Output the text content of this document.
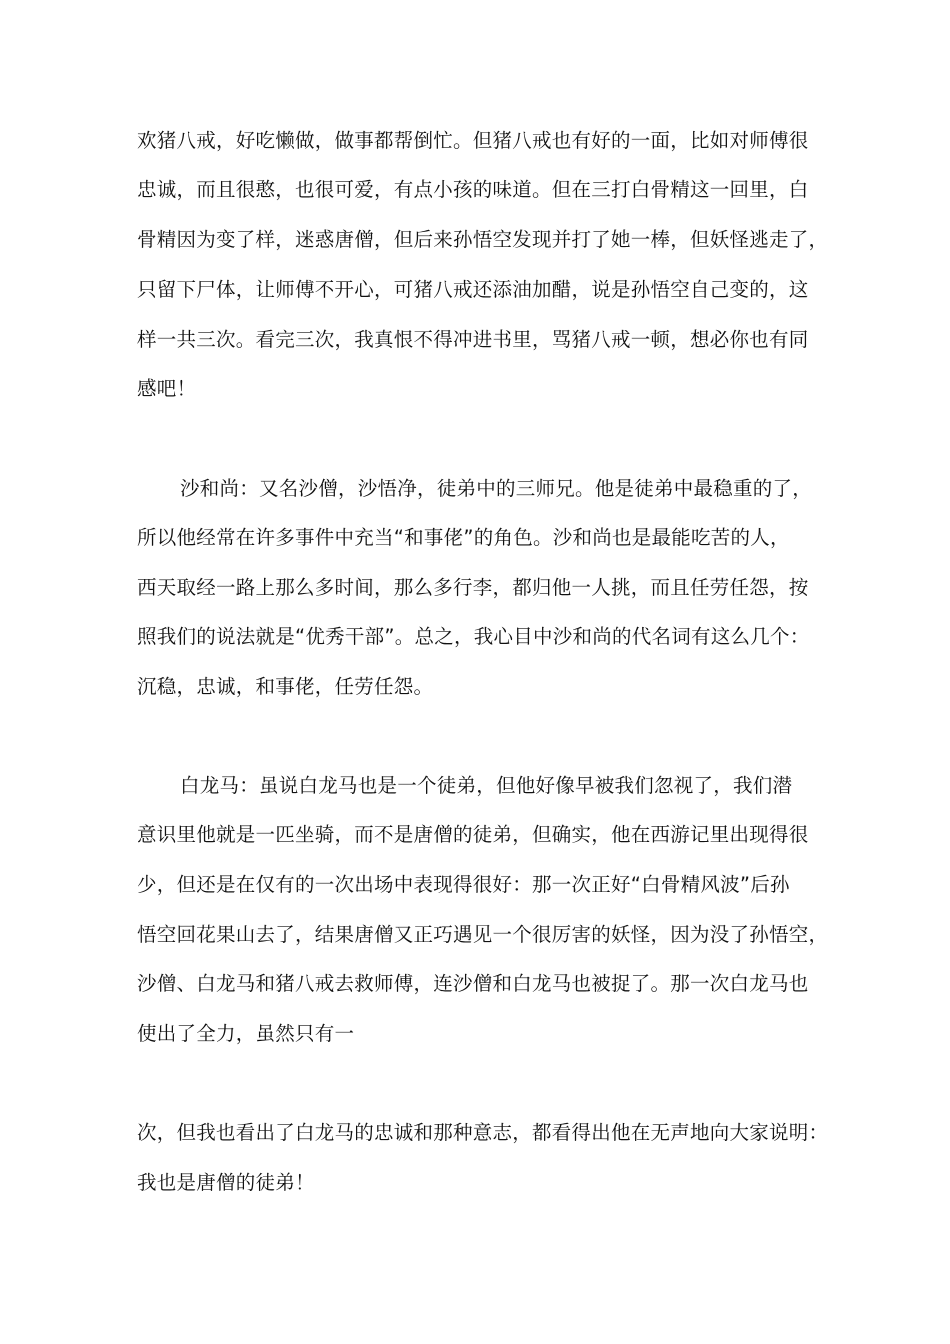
欢猪八戒，好吃懒做，做事都帮倒忙。但猪八戒也有好的一面，比如对师傅很
忠诚，而且很憨，也很可爱，有点小孩的味道。但在三打白骨精这一回里，白
骨精因为变了样，迷惑唐僧，但后来孙悟空发现并打了她一棒，但妖怪逃走了，
只留下尸体，让师傅不开心，可猪八戒还添油加醋，说是孙悟空自己变的，这
样一共三次。看完三次，我真恨不得冲进书里，骂猪八戒一顿，想必你也有同
感吧！
沙和尚：又名沙僧，沙悟净，徒弟中的三师兄。他是徒弟中最稳重的了，
所以他经常在许多事件中充当“和事佬”的角色。沙和尚也是最能吃苦的人，
西天取经一路上那么多时间，那么多行李，都归他一人挑，而且任劳任怨，按
照我们的说法就是“优秀干部”。总之，我心目中沙和尚的代名词有这么几个：
沉稳，忠诚，和事佬，任劳任怨。
白龙马：虽说白龙马也是一个徒弟，但他好像早被我们忽视了，我们潜
意识里他就是一匹坐骑，而不是唐僧的徒弟，但确实，他在西游记里出现得很
少，但还是在仅有的一次出场中表现得很好：那一次正好“白骨精风波”后孙
悟空回花果山去了，结果唐僧又正巧遇见一个很厉害的妖怪，因为没了孙悟空，
沙僧、白龙马和猪八戒去救师傅，连沙僧和白龙马也被捉了。那一次白龙马也
使出了全力，虽然只有一
次，但我也看出了白龙马的忠诚和那种意志，都看得出他在无声地向大家说明：
我也是唐僧的徒弟！
